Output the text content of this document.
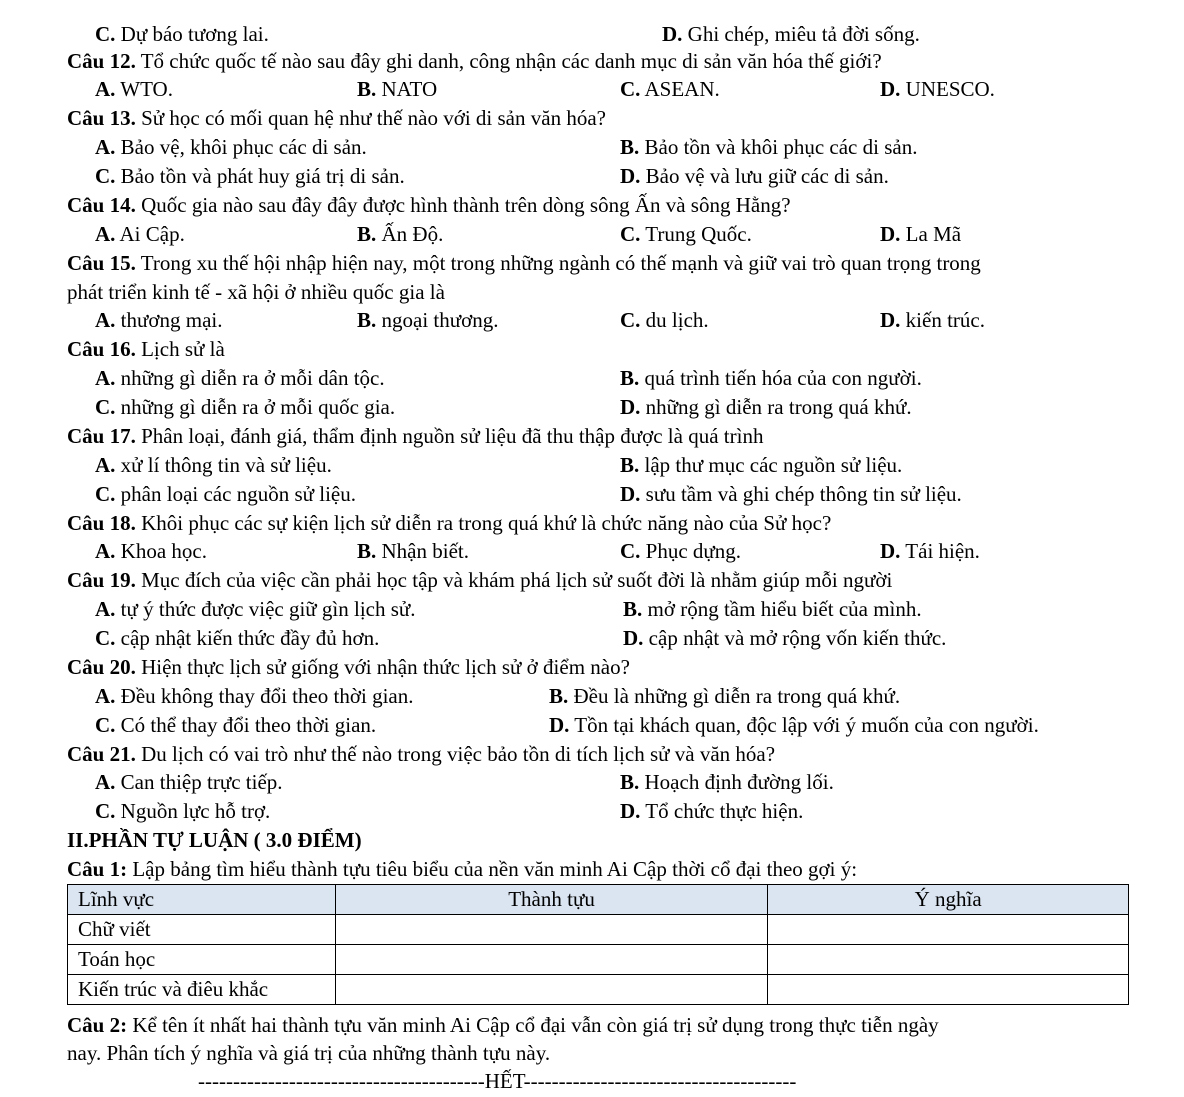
C. Dự báo tương lai.	D. Ghi chép, miêu tả đời sống.
Câu 12. Tổ chức quốc tế nào sau đây ghi danh, công nhận các danh mục di sản văn hóa thế giới?
A. WTO.	B. NATO	C. ASEAN.	D. UNESCO.
Câu 13. Sử học có mối quan hệ như thế nào với di sản văn hóa?
A. Bảo vệ, khôi phục các di sản.	B. Bảo tồn và khôi phục các di sản.
C. Bảo tồn và phát huy giá trị di sản.	D. Bảo vệ và lưu giữ các di sản.
Câu 14. Quốc gia nào sau đây đây được hình thành trên dòng sông Ấn và sông Hằng?
A. Ai Cập.	B. Ấn Độ.	C. Trung Quốc.	D. La Mã
Câu 15. Trong xu thế hội nhập hiện nay, một trong những ngành có thế mạnh và giữ vai trò quan trọng trong
phát triển kinh tế - xã hội ở nhiều quốc gia là
A. thương mại.	B. ngoại thương.	C. du lịch.	D. kiến trúc.
Câu 16. Lịch sử là
A. những gì diễn ra ở mỗi dân tộc.	B. quá trình tiến hóa của con người.
C. những gì diễn ra ở mỗi quốc gia.	D. những gì diễn ra trong quá khứ.
Câu 17. Phân loại, đánh giá, thẩm định nguồn sử liệu đã thu thập được là quá trình
A. xử lí thông tin và sử liệu.	B. lập thư mục các nguồn sử liệu.
C. phân loại các nguồn sử liệu.	D. sưu tầm và ghi chép thông tin sử liệu.
Câu 18. Khôi phục các sự kiện lịch sử diễn ra trong quá khứ là chức năng nào của Sử học?
A. Khoa học.	B. Nhận biết.	C. Phục dựng.	D. Tái hiện.
Câu 19. Mục đích của việc cần phải học tập và khám phá lịch sử suốt đời là nhằm giúp mỗi người
A. tự ý thức được việc giữ gìn lịch sử.	B. mở rộng tầm hiểu biết của mình.
C. cập nhật kiến thức đầy đủ hơn.	D. cập nhật và mở rộng vốn kiến thức.
Câu 20. Hiện thực lịch sử giống với nhận thức lịch sử ở điểm nào?
A. Đều không thay đổi theo thời gian.	B. Đều là những gì diễn ra trong quá khứ.
C. Có thể thay đổi theo thời gian.	D. Tồn tại khách quan, độc lập với ý muốn của con người.
Câu 21. Du lịch có vai trò như thế nào trong việc bảo tồn di tích lịch sử và văn hóa?
A. Can thiệp trực tiếp.	B. Hoạch định đường lối.
C. Nguồn lực hỗ trợ.	D. Tổ chức thực hiện.
II.PHẦN TỰ LUẬN ( 3.0 ĐIỂM)
Câu 1: Lập bảng tìm hiểu thành tựu tiêu biểu của nền văn minh Ai Cập thời cổ đại theo gợi ý:
Lĩnh vực	Thành tựu	Ý nghĩa
Chữ viết		
Toán học		
Kiến trúc và điêu khắc		
Câu 2: Kể tên ít nhất hai thành tựu văn minh Ai Cập cổ đại vẫn còn giá trị sử dụng trong thực tiễn ngày
nay. Phân tích ý nghĩa và giá trị của những thành tựu này.
-----------------------------------------HẾT---------------------------------------
